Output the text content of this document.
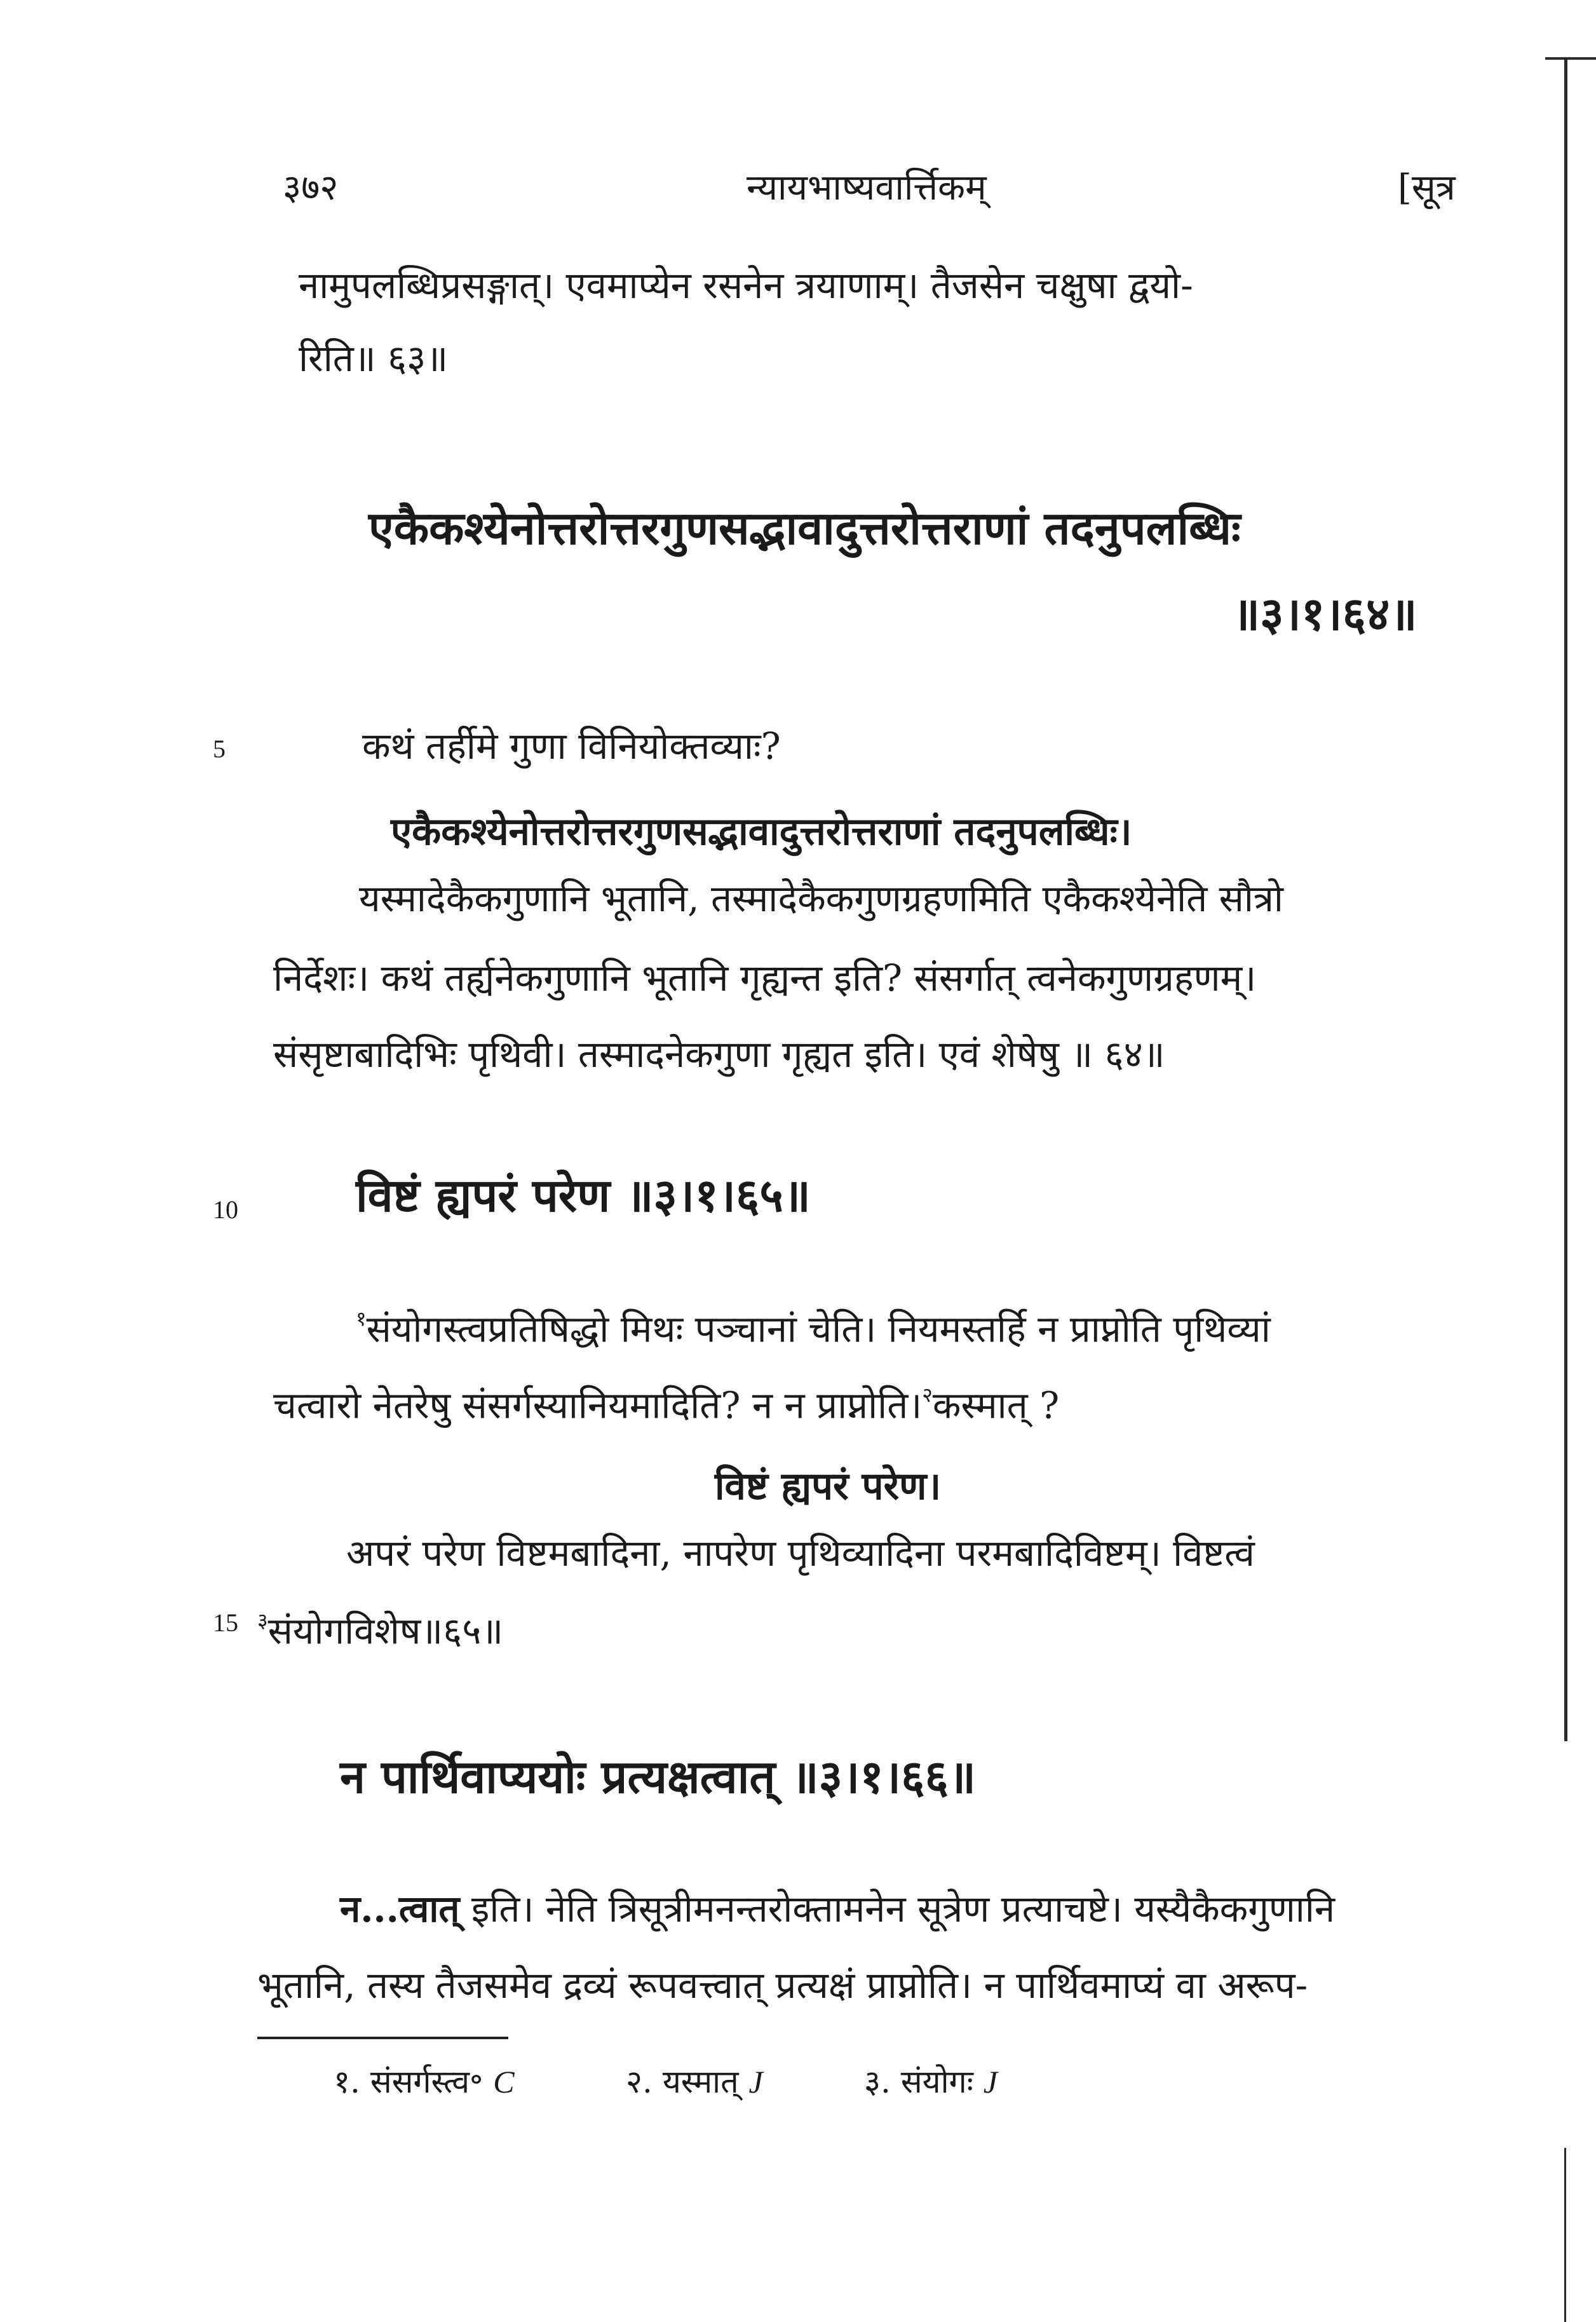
३७२	न्यायभाष्यवार्त्तिकम्	[सूत्र
नामुपलब्धिप्रसङ्गात्। एवमाप्येन रसनेन त्रयाणाम्। तैजसेन चक्षुषा द्वयो-
रिति॥ ६३॥
एकैकश्येनोत्तरोत्तरगुणसद्भावादुत्तरोत्तराणां तदनुपलब्धिः
॥३।१।६४॥
5
10
15
कथं तर्हीमे गुणा विनियोक्तव्याः?
एकैकश्येनोत्तरोत्तरगुणसद्भावादुत्तरोत्तराणां तदनुपलब्धिः।
यस्मादेकैकगुणानि भूतानि, तस्मादेकैकगुणग्रहणमिति एकैकश्येनेति सौत्रो
निर्देशः। कथं तर्ह्यनेकगुणानि भूतानि गृह्यन्त इति? संसर्गात् त्वनेकगुणग्रहणम्।
संसृष्टाबादिभिः पृथिवी। तस्मादनेकगुणा गृह्यत इति। एवं शेषेषु ॥ ६४॥
विष्टं ह्यपरं परेण ॥३।१।६५॥
$^१$संयोगस्त्वप्रतिषिद्धो मिथः पञ्चानां चेति। नियमस्तर्हि न प्राप्नोति पृथिव्यां
चत्वारो नेतरेषु संसर्गस्यानियमादिति? न न प्राप्नोति।$^२$कस्मात् ?
विष्टं ह्यपरं परेण।
अपरं परेण विष्टमबादिना, नापरेण पृथिव्यादिना परमबादिविष्टम्। विष्टत्वं
$^३$संयोगविशेष॥६५॥
न पार्थिवाप्ययोः प्रत्यक्षत्वात् ॥३।१।६६॥
न...त्वात् इति। नेति त्रिसूत्रीमनन्तरोक्तामनेन सूत्रेण प्रत्याचष्टे। यस्यैकैकगुणानि
भूतानि, तस्य तैजसमेव द्रव्यं रूपवत्त्वात् प्रत्यक्षं प्राप्नोति। न पार्थिवमाप्यं वा अरूप-
१. संसर्गस्त्व॰ C	२. यस्मात् J	३. संयोगः J
